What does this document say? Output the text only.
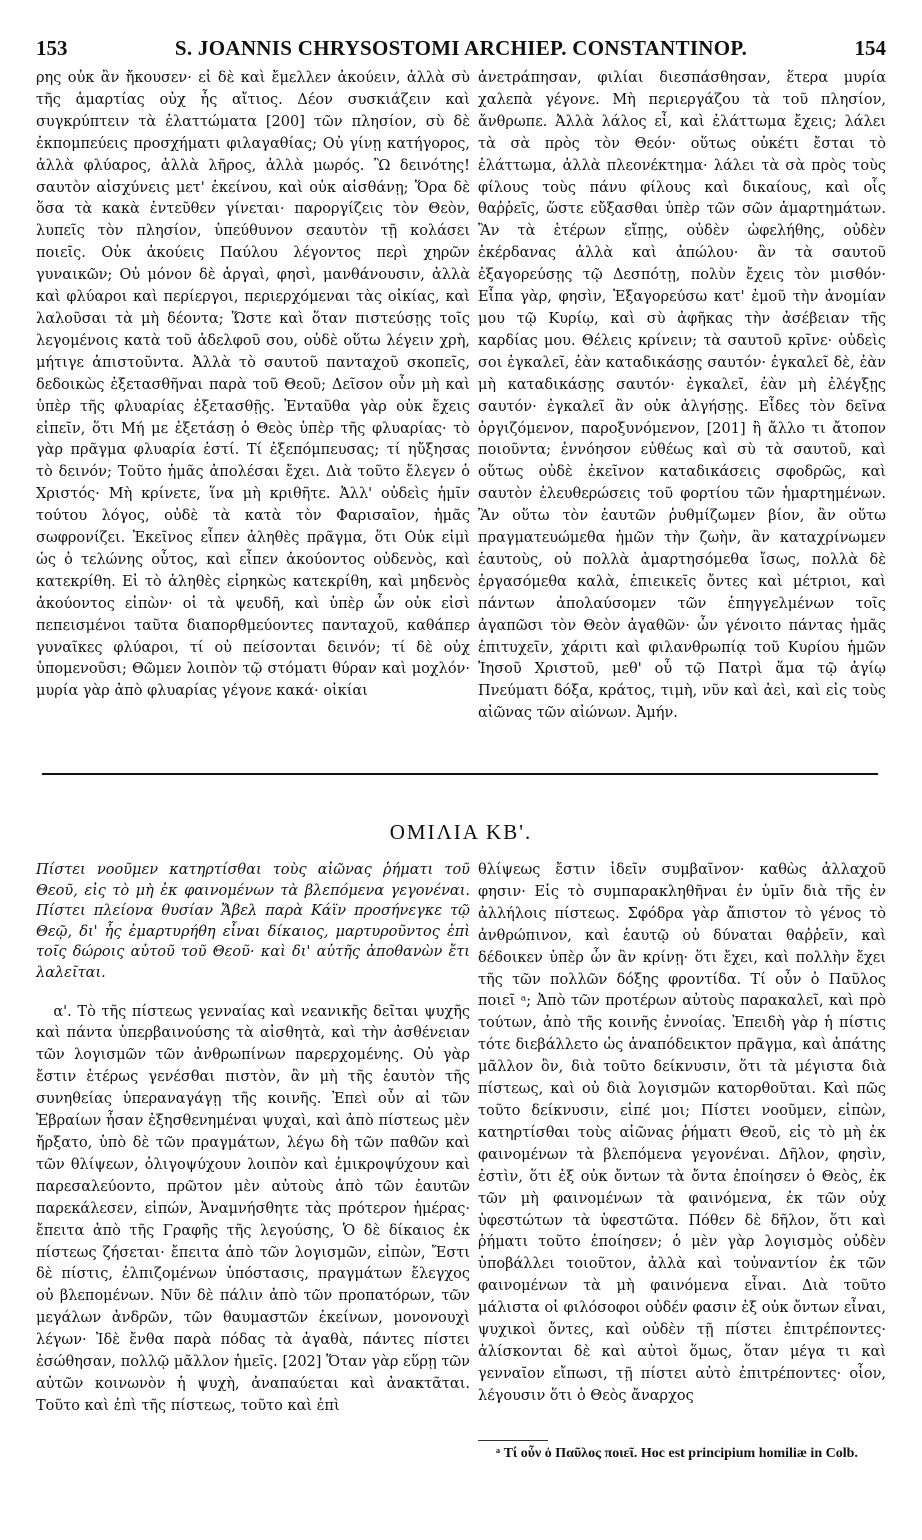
153	S. JOANNIS CHRYSOSTOMI ARCHIEP. CONSTANTINOP.	154

ρης οὐκ ἂν ἤκουσεν· εἰ δὲ καὶ ἔμελλεν ἀκούειν, ἀλλὰ σὺ τῆς ἁμαρτίας οὐχ ἧς αἴτιος. Δέον συσκιάζειν καὶ συγκρύπτειν τὰ ἐλαττώματα [200] τῶν πλησίον, σὺ δὲ ἐκπομπεύεις προσχήματι φιλαγαθίας; Οὐ γίνῃ κατήγορος, ἀλλὰ φλύαρος, ἀλλὰ λῆρος, ἀλλὰ μωρός. Ὢ δεινότης! σαυτὸν αἰσχύνεις μετ' ἐκείνου, καὶ οὐκ αἰσθάνῃ; Ὅρα δὲ ὅσα τὰ κακὰ ἐντεῦθεν γίνεται· παροργίζεις τὸν Θεὸν, λυπεῖς τὸν πλησίον, ὑπεύθυνον σεαυτὸν τῇ κολάσει ποιεῖς. Οὐκ ἀκούεις Παύλου λέγοντος περὶ χηρῶν γυναικῶν; Οὐ μόνον δὲ ἀργαὶ, φησὶ, μανθάνουσιν, ἀλλὰ καὶ φλύαροι καὶ περίεργοι, περιερχόμεναι τὰς οἰκίας, καὶ λαλοῦσαι τὰ μὴ δέοντα; Ὥστε καὶ ὅταν πιστεύσῃς τοῖς λεγομένοις κατὰ τοῦ ἀδελφοῦ σου, οὐδὲ οὕτω λέγειν χρὴ, μήτιγε ἀπιστοῦντα. Ἀλλὰ τὸ σαυτοῦ πανταχοῦ σκοπεῖς, δεδοικὼς ἐξετασθῆναι παρὰ τοῦ Θεοῦ; Δεῖσον οὖν μὴ καὶ ὑπὲρ τῆς φλυαρίας ἐξετασθῇς. Ἐνταῦθα γὰρ οὐκ ἔχεις εἰπεῖν, ὅτι Μή με ἐξετάσῃ ὁ Θεὸς ὑπὲρ τῆς φλυαρίας· τὸ γὰρ πρᾶγμα φλυαρία ἐστί. Τί ἐξεπόμπευσας; τί ηὔξησας τὸ δεινόν; Τοῦτο ἡμᾶς ἀπολέσαι ἔχει. Διὰ τοῦτο ἔλεγεν ὁ Χριστός· Μὴ κρίνετε, ἵνα μὴ κριθῆτε. Ἀλλ' οὐδεὶς ἡμῖν τούτου λόγος, οὐδὲ τὰ κατὰ τὸν Φαρισαῖον, ἡμᾶς σωφρονίζει. Ἐκεῖνος εἶπεν ἀληθὲς πρᾶγμα, ὅτι Οὐκ εἰμὶ ὡς ὁ τελώνης οὗτος, καὶ εἶπεν ἀκούοντος οὐδενὸς, καὶ κατεκρίθη. Εἰ τὸ ἀληθὲς εἰρηκὼς κατεκρίθη, καὶ μηδενὸς ἀκούοντος εἰπὼν· οἱ τὰ ψευδῆ, καὶ ὑπὲρ ὧν οὐκ εἰσὶ πεπεισμένοι ταῦτα διαπορθμεύοντες πανταχοῦ, καθάπερ γυναῖκες φλύαροι, τί οὐ πείσονται δεινόν; τί δὲ οὐχ ὑπομενοῦσι; Θῶμεν λοιπὸν τῷ στόματι θύραν καὶ μοχλόν· μυρία γὰρ ἀπὸ φλυαρίας γέγονε κακά· οἰκίαι

ἀνετράπησαν, φιλίαι διεσπάσθησαν, ἕτερα μυρία χαλεπὰ γέγονε. Μὴ περιεργάζου τὰ τοῦ πλησίον, ἄνθρωπε. Ἀλλὰ λάλος εἶ, καὶ ἐλάττωμα ἔχεις; λάλει τὰ σὰ πρὸς τὸν Θεόν· οὕτως οὐκέτι ἔσται τὸ ἐλάττωμα, ἀλλὰ πλεονέκτημα· λάλει τὰ σὰ πρὸς τοὺς φίλους τοὺς πάνυ φίλους καὶ δικαίους, καὶ οἷς θαῤῥεῖς, ὥστε εὔξασθαι ὑπὲρ τῶν σῶν ἁμαρτημάτων. Ἂν τὰ ἑτέρων εἴπῃς, οὐδὲν ὠφελήθης, οὐδὲν ἐκέρδανας ἀλλὰ καὶ ἀπώλου· ἂν τὰ σαυτοῦ ἐξαγορεύσῃς τῷ Δεσπότῃ, πολὺν ἔχεις τὸν μισθόν· Εἶπα γὰρ, φησὶν, Ἐξαγορεύσω κατ' ἐμοῦ τὴν ἀνομίαν μου τῷ Κυρίῳ, καὶ σὺ ἀφῆκας τὴν ἀσέβειαν τῆς καρδίας μου. Θέλεις κρίνειν; τὰ σαυτοῦ κρῖνε· οὐδεὶς σοι ἐγκαλεῖ, ἐὰν καταδικάσῃς σαυτόν· ἐγκαλεῖ δὲ, ἐὰν μὴ καταδικάσῃς σαυτόν· ἐγκαλεῖ, ἐὰν μὴ ἐλέγξῃς σαυτόν· ἐγκαλεῖ ἂν οὐκ ἀλγήσῃς. Εἶδες τὸν δεῖνα ὀργιζόμενον, παροξυνόμενον, [201] ἢ ἄλλο τι ἄτοπον ποιοῦντα; ἐννόησον εὐθέως καὶ σὺ τὰ σαυτοῦ, καὶ οὕτως οὐδὲ ἐκεῖνον καταδικάσεις σφοδρῶς, καὶ σαυτὸν ἐλευθερώσεις τοῦ φορτίου τῶν ἡμαρτημένων. Ἂν οὕτω τὸν ἑαυτῶν ῥυθμίζωμεν βίον, ἂν οὕτω πραγματευώμεθα ἡμῶν τὴν ζωὴν, ἂν καταχρίνωμεν ἑαυτοὺς, οὐ πολλὰ ἁμαρτησόμεθα ἴσως, πολλὰ δὲ ἐργασόμεθα καλὰ, ἐπιεικεῖς ὄντες καὶ μέτριοι, καὶ πάντων ἀπολαύσομεν τῶν ἐπηγγελμένων τοῖς ἀγαπῶσι τὸν Θεὸν ἀγαθῶν· ὧν γένοιτο πάντας ἡμᾶς ἐπιτυχεῖν, χάριτι καὶ φιλανθρωπίᾳ τοῦ Κυρίου ἡμῶν Ἰησοῦ Χριστοῦ, μεθ' οὗ τῷ Πατρὶ ἅμα τῷ ἁγίῳ Πνεύματι δόξα, κράτος, τιμὴ, νῦν καὶ ἀεὶ, καὶ εἰς τοὺς αἰῶνας τῶν αἰώνων. Ἀμήν.

ΟΜΙΛΙΑ ΚΒ'.

Πίστει νοοῦμεν κατηρτίσθαι τοὺς αἰῶνας ῥήματι τοῦ Θεοῦ, εἰς τὸ μὴ ἐκ φαινομένων τὰ βλεπόμενα γεγονέναι. Πίστει πλείονα θυσίαν Ἄβελ παρὰ Κάϊν προσήνεγκε τῷ Θεῷ, δι' ἧς ἐμαρτυρήθη εἶναι δίκαιος, μαρτυροῦντος ἐπὶ τοῖς δώροις αὐτοῦ τοῦ Θεοῦ· καὶ δι' αὐτῆς ἀποθανὼν ἔτι λαλεῖται.

α'. Τὸ τῆς πίστεως γενναίας καὶ νεανικῆς δεῖται ψυχῆς καὶ πάντα ὑπερβαινούσης τὰ αἰσθητὰ, καὶ τὴν ἀσθένειαν τῶν λογισμῶν τῶν ἀνθρωπίνων παρερχομένης. Οὐ γὰρ ἔστιν ἑτέρως γενέσθαι πιστὸν, ἂν μὴ τῆς ἑαυτὸν τῆς συνηθείας ὑπεραναγάγῃ τῆς κοινῆς. Ἐπεὶ οὖν αἱ τῶν Ἑβραίων ἦσαν ἐξησθενημέναι ψυχαὶ, καὶ ἀπὸ πίστεως μὲν ἤρξατο, ὑπὸ δὲ τῶν πραγμάτων, λέγω δὴ τῶν παθῶν καὶ τῶν θλίψεων, ὀλιγοψύχουν λοιπὸν καὶ ἐμικροψύχουν καὶ παρεσαλεύοντο, πρῶτον μὲν αὐτοὺς ἀπὸ τῶν ἑαυτῶν παρεκάλεσεν, εἰπών, Ἀναμνήσθητε τὰς πρότερον ἡμέρας· ἔπειτα ἀπὸ τῆς Γραφῆς τῆς λεγούσης, Ὁ δὲ δίκαιος ἐκ πίστεως ζήσεται· ἔπειτα ἀπὸ τῶν λογισμῶν, εἰπὼν, Ἔστι δὲ πίστις, ἐλπιζομένων ὑπόστασις, πραγμάτων ἔλεγχος οὐ βλεπομένων. Νῦν δὲ πάλιν ἀπὸ τῶν προπατόρων, τῶν μεγάλων ἀνδρῶν, τῶν θαυμαστῶν ἐκείνων, μονονουχὶ λέγων· Ἰδὲ ἔνθα παρὰ πόδας τὰ ἀγαθὰ, πάντες πίστει ἐσώθησαν, πολλῷ μᾶλλον ἡμεῖς. [202] Ὅταν γὰρ εὕρῃ τῶν αὐτῶν κοινωνὸν ἡ ψυχὴ, ἀναπαύεται καὶ ἀνακτᾶται. Τοῦτο καὶ ἐπὶ τῆς πίστεως, τοῦτο καὶ ἐπὶ

θλίψεως ἔστιν ἰδεῖν συμβαῖνον· καθὼς ἀλλαχοῦ φησιν· Εἰς τὸ συμπαρακληθῆναι ἐν ὑμῖν διὰ τῆς ἐν ἀλλήλοις πίστεως. Σφόδρα γὰρ ἄπιστον τὸ γένος τὸ ἀνθρώπινον, καὶ ἑαυτῷ οὐ δύναται θαῤῥεῖν, καὶ δέδοικεν ὑπὲρ ὧν ἂν κρίνῃ· ὅτι ἔχει, καὶ πολλὴν ἔχει τῆς τῶν πολλῶν δόξης φροντίδα. Τί οὖν ὁ Παῦλος ποιεῖ ᵃ; Ἀπὸ τῶν προτέρων αὐτοὺς παρακαλεῖ, καὶ πρὸ τούτων, ἀπὸ τῆς κοινῆς ἐννοίας. Ἐπειδὴ γὰρ ἡ πίστις τότε διεβάλλετο ὡς ἀναπόδεικτον πρᾶγμα, καὶ ἀπάτης μᾶλλον ὂν, διὰ τοῦτο δείκνυσιν, ὅτι τὰ μέγιστα διὰ πίστεως, καὶ οὐ διὰ λογισμῶν κατορθοῦται. Καὶ πῶς τοῦτο δείκνυσιν, εἰπέ μοι; Πίστει νοοῦμεν, εἰπὼν, κατηρτίσθαι τοὺς αἰῶνας ῥήματι Θεοῦ, εἰς τὸ μὴ ἐκ φαινομένων τὰ βλεπόμενα γεγονέναι. Δῆλον, φησὶν, ἐστὶν, ὅτι ἐξ οὐκ ὄντων τὰ ὄντα ἐποίησεν ὁ Θεὸς, ἐκ τῶν μὴ φαινομένων τὰ φαινόμενα, ἐκ τῶν οὐχ ὑφεστώτων τὰ ὑφεστῶτα. Πόθεν δὲ δῆλον, ὅτι καὶ ῥήματι τοῦτο ἐποίησεν; ὁ μὲν γὰρ λογισμὸς οὐδὲν ὑποβάλλει τοιοῦτον, ἀλλὰ καὶ τοὐναντίον ἐκ τῶν φαινομένων τὰ μὴ φαινόμενα εἶναι. Διὰ τοῦτο μάλιστα οἱ φιλόσοφοι οὐδέν φασιν ἐξ οὐκ ὄντων εἶναι, ψυχικοὶ ὄντες, καὶ οὐδὲν τῇ πίστει ἐπιτρέποντες· ἁλίσκονται δὲ καὶ αὐτοὶ ὅμως, ὅταν μέγα τι καὶ γενναῖον εἴπωσι, τῇ πίστει αὐτὸ ἐπιτρέποντες· οἷον, λέγουσιν ὅτι ὁ Θεὸς ἄναρχος

ᵃ Τί οὖν ὁ Παῦλος ποιεῖ. Hoc est principium homiliæ in Colb.
